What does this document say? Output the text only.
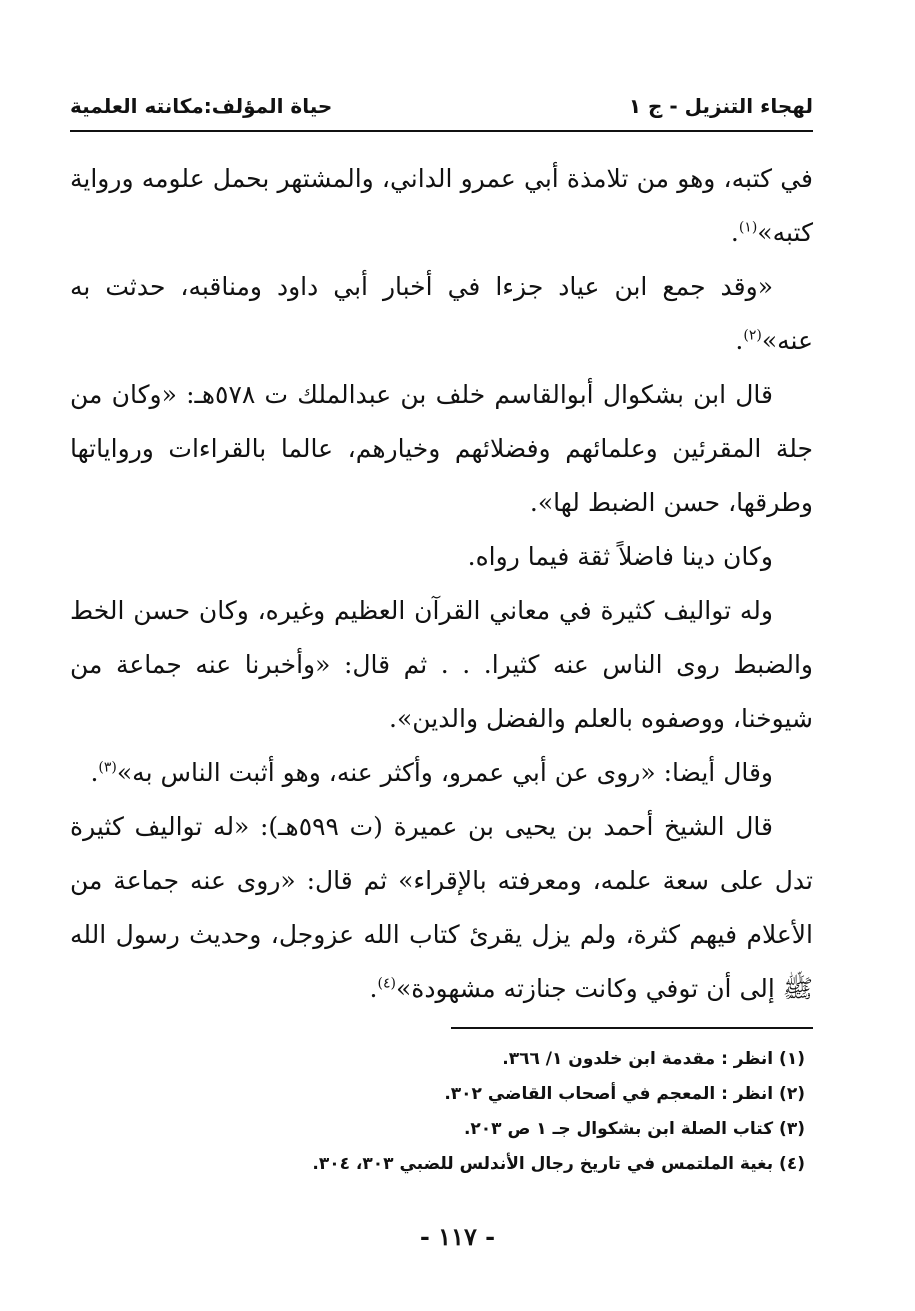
لهجاء التنزيل - ج ١
حياة المؤلف:مكانته العلمية

في كتبه، وهو من تلامذة أبي عمرو الداني، والمشتهر بحمل علومه ورواية كتبه»$^{(١)}$.

«وقد جمع ابن عياد جزءا في أخبار أبي داود ومناقبه، حدثت به عنه»$^{(٢)}$.

قال ابن بشكوال أبوالقاسم خلف بن عبدالملك ت ٥٧٨هـ: «وكان من جلة المقرئين وعلمائهم وفضلائهم وخيارهم، عالما بالقراءات ورواياتها وطرقها، حسن الضبط لها».

وكان دينا فاضلاً ثقة فيما رواه.

وله تواليف كثيرة في معاني القرآن العظيم وغيره، وكان حسن الخط والضبط روى الناس عنه كثيرا. . . ثم قال: «وأخبرنا عنه جماعة من شيوخنا، ووصفوه بالعلم والفضل والدين».

وقال أيضا: «روى عن أبي عمرو، وأكثر عنه، وهو أثبت الناس به»$^{(٣)}$.

قال الشيخ أحمد بن يحيى بن عميرة (ت ٥٩٩هـ): «له تواليف كثيرة تدل على سعة علمه، ومعرفته بالإقراء» ثم قال: «روى عنه جماعة من الأعلام فيهم كثرة، ولم يزل يقرئ كتاب الله عزوجل، وحديث رسول الله ﷺ إلى أن توفي وكانت جنازته مشهودة»$^{(٤)}$.

(١) انظر : مقدمة ابن خلدون ١/ ٣٦٦.

(٢) انظر : المعجم في أصحاب القاضي ٣٠٢.

(٣) كتاب الصلة ابن بشكوال جـ ١ ص ٢٠٣.

(٤) بغية الملتمس في تاريخ رجال الأندلس للضبي ٣٠٣، ٣٠٤.

- ١١٧ -
